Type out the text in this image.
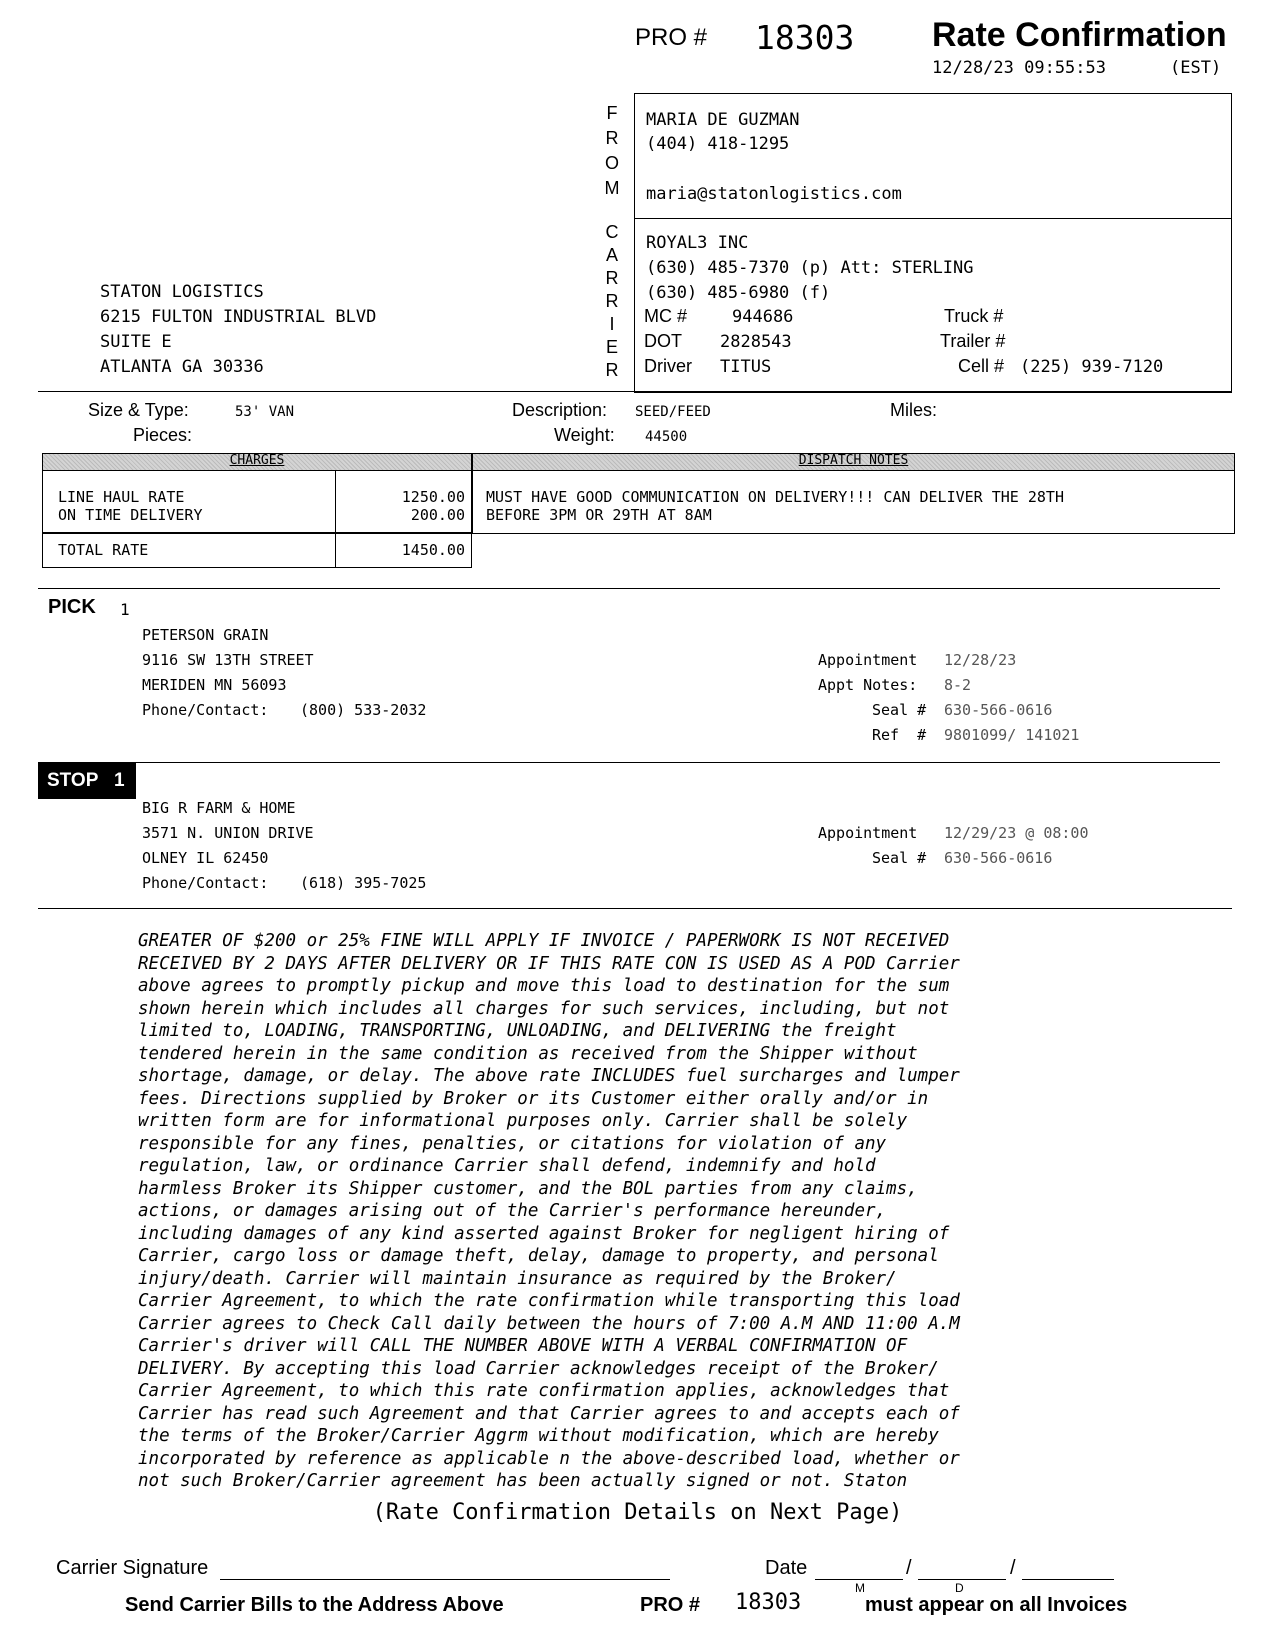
PRO # 18303 Rate Confirmation
12/28/23 09:55:53	(EST)
F
R
O
M
C
A
R
R
I
E
R
STATON LOGISTICS
6215 FULTON INDUSTRIAL BLVD
SUITE E
ATLANTA GA 30336
MARIA DE GUZMAN
(404) 418-1295
maria@statonlogistics.com
ROYAL3 INC
(630) 485-7370 (p) Att: STERLING
(630) 485-6980 (f)
MC #	944686	Truck #
DOT 2828543	Trailer #
Driver TITUS	Cell # (225) 939-7120
Size & Type:	53' VAN
Pieces:
Description: SEED/FEED
Weight: 44500
Miles:
CHARGES
LINE HAUL RATE	1250.00
ON TIME DELIVERY	200.00
TOTAL RATE	1450.00
DISPATCH NOTES
MUST HAVE GOOD COMMUNICATION ON DELIVERY!!! CAN DELIVER THE 28TH
BEFORE 3PM OR 29TH AT 8AM
PICK 1
PETERSON GRAIN
9116 SW 13TH STREET
MERIDEN MN 56093
Phone/Contact: (800) 533-2032
Appointment 12/28/23
Appt Notes: 8-2
Seal # 630-566-0616
Ref  # 9801099/ 141021
STOP 1
BIG R FARM & HOME
3571 N. UNION DRIVE
OLNEY IL 62450
Phone/Contact: (618) 395-7025
Appointment 12/29/23 @ 08:00
Seal # 630-566-0616
GREATER OF $200 or 25% FINE WILL APPLY IF INVOICE / PAPERWORK IS NOT RECEIVED
RECEIVED BY 2 DAYS AFTER DELIVERY OR IF THIS RATE CON IS USED AS A POD Carrier
above agrees to promptly pickup and move this load to destination for the sum
shown herein which includes all charges for such services, including, but not
limited to, LOADING, TRANSPORTING, UNLOADING, and DELIVERING the freight
tendered herein in the same condition as received from the Shipper without
shortage, damage, or delay. The above rate INCLUDES fuel surcharges and lumper
fees. Directions supplied by Broker or its Customer either orally and/or in
written form are for informational purposes only. Carrier shall be solely
responsible for any fines, penalties, or citations for violation of any
regulation, law, or ordinance Carrier shall defend, indemnify and hold
harmless Broker its Shipper customer, and the BOL parties from any claims,
actions, or damages arising out of the Carrier's performance hereunder,
including damages of any kind asserted against Broker for negligent hiring of
Carrier, cargo loss or damage theft, delay, damage to property, and personal
injury/death. Carrier will maintain insurance as required by the Broker/
Carrier Agreement, to which the rate confirmation while transporting this load
Carrier agrees to Check Call daily between the hours of 7:00 A.M AND 11:00 A.M
Carrier's driver will CALL THE NUMBER ABOVE WITH A VERBAL CONFIRMATION OF
DELIVERY. By accepting this load Carrier acknowledges receipt of the Broker/
Carrier Agreement, to which this rate confirmation applies, acknowledges that
Carrier has read such Agreement and that Carrier agrees to and accepts each of
the terms of the Broker/Carrier Aggrm without modification, which are hereby
incorporated by reference as applicable n the above-described load, whether or
not such Broker/Carrier agreement has been actually signed or not. Staton
(Rate Confirmation Details on Next Page)
Carrier Signature	Date	/	/
M	D
Send Carrier Bills to the Address Above	PRO # 18303	must appear on all Invoices
